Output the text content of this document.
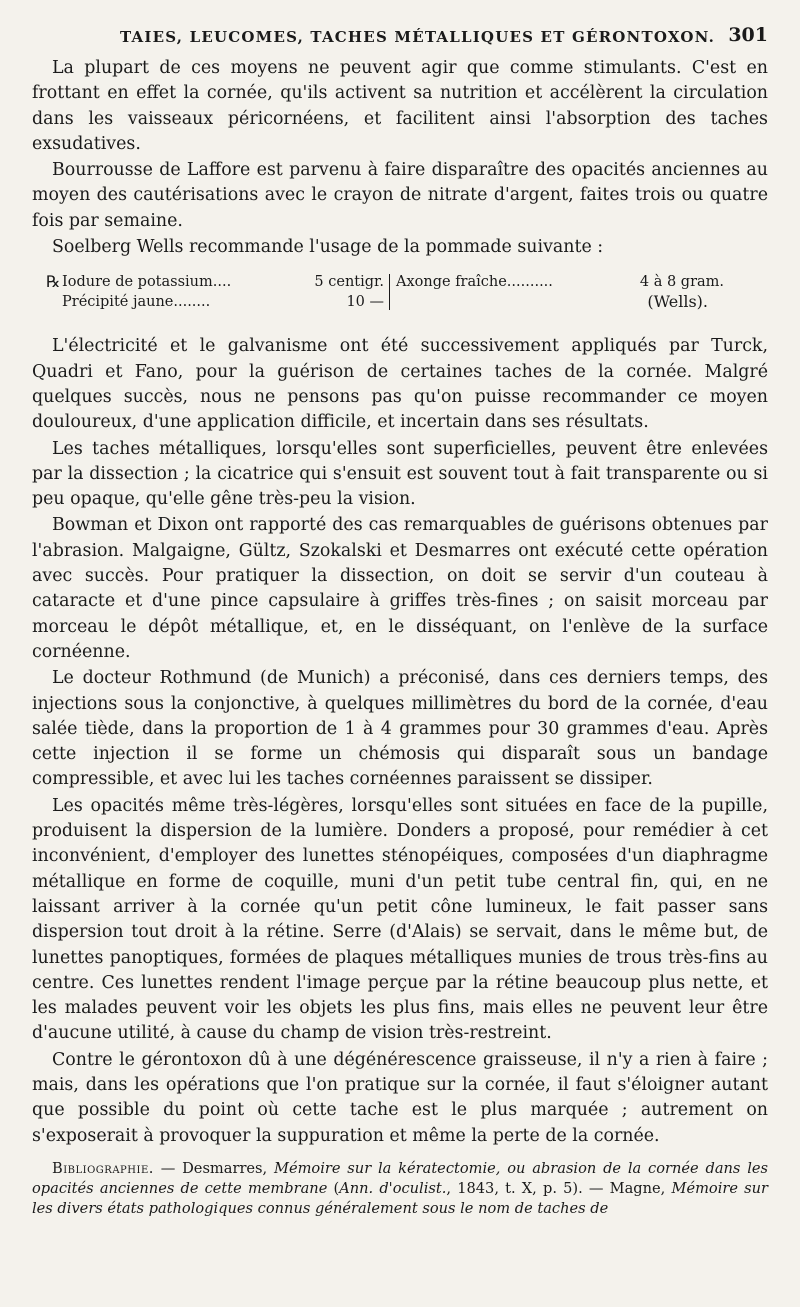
TAIES, LEUCOMES, TACHES MÉTALLIQUES ET GÉRONTOXON. 301

La plupart de ces moyens ne peuvent agir que comme stimulants. C'est en frottant en effet la cornée, qu'ils activent sa nutrition et accélèrent la circulation dans les vaisseaux péricornéens, et facilitent ainsi l'absorption des taches exsudatives.

Bourrousse de Laffore est parvenu à faire disparaître des opacités anciennes au moyen des cautérisations avec le crayon de nitrate d'argent, faites trois ou quatre fois par semaine.

Soelberg Wells recommande l'usage de la pommade suivante :

℞ Iodure de potassium....
Précipité jaune........
5 centigr.
10 —
Axonge fraîche..........	4 à 8 gram.
(Wells).

L'électricité et le galvanisme ont été successivement appliqués par Turck, Quadri et Fano, pour la guérison de certaines taches de la cornée. Malgré quelques succès, nous ne pensons pas qu'on puisse recommander ce moyen douloureux, d'une application difficile, et incertain dans ses résultats.

Les taches métalliques, lorsqu'elles sont superficielles, peuvent être enlevées par la dissection ; la cicatrice qui s'ensuit est souvent tout à fait transparente ou si peu opaque, qu'elle gêne très-peu la vision.

Bowman et Dixon ont rapporté des cas remarquables de guérisons obtenues par l'abrasion. Malgaigne, Gültz, Szokalski et Desmarres ont exécuté cette opération avec succès. Pour pratiquer la dissection, on doit se servir d'un couteau à cataracte et d'une pince capsulaire à griffes très-fines ; on saisit morceau par morceau le dépôt métallique, et, en le disséquant, on l'enlève de la surface cornéenne.

Le docteur Rothmund (de Munich) a préconisé, dans ces derniers temps, des injections sous la conjonctive, à quelques millimètres du bord de la cornée, d'eau salée tiède, dans la proportion de 1 à 4 grammes pour 30 grammes d'eau. Après cette injection il se forme un chémosis qui disparaît sous un bandage compressible, et avec lui les taches cornéennes paraissent se dissiper.

Les opacités même très-légères, lorsqu'elles sont situées en face de la pupille, produisent la dispersion de la lumière. Donders a proposé, pour remédier à cet inconvénient, d'employer des lunettes sténopéiques, composées d'un diaphragme métallique en forme de coquille, muni d'un petit tube central fin, qui, en ne laissant arriver à la cornée qu'un petit cône lumineux, le fait passer sans dispersion tout droit à la rétine. Serre (d'Alais) se servait, dans le même but, de lunettes panoptiques, formées de plaques métalliques munies de trous très-fins au centre. Ces lunettes rendent l'image perçue par la rétine beaucoup plus nette, et les malades peuvent voir les objets les plus fins, mais elles ne peuvent leur être d'aucune utilité, à cause du champ de vision très-restreint.

Contre le gérontoxon dû à une dégénérescence graisseuse, il n'y a rien à faire ; mais, dans les opérations que l'on pratique sur la cornée, il faut s'éloigner autant que possible du point où cette tache est le plus marquée ; autrement on s'exposerait à provoquer la suppuration et même la perte de la cornée.

Bibliographie. — Desmarres, Mémoire sur la kératectomie, ou abrasion de la cornée dans les opacités anciennes de cette membrane (Ann. d'oculist., 1843, t. X, p. 5). — Magne, Mémoire sur les divers états pathologiques connus généralement sous le nom de taches de
